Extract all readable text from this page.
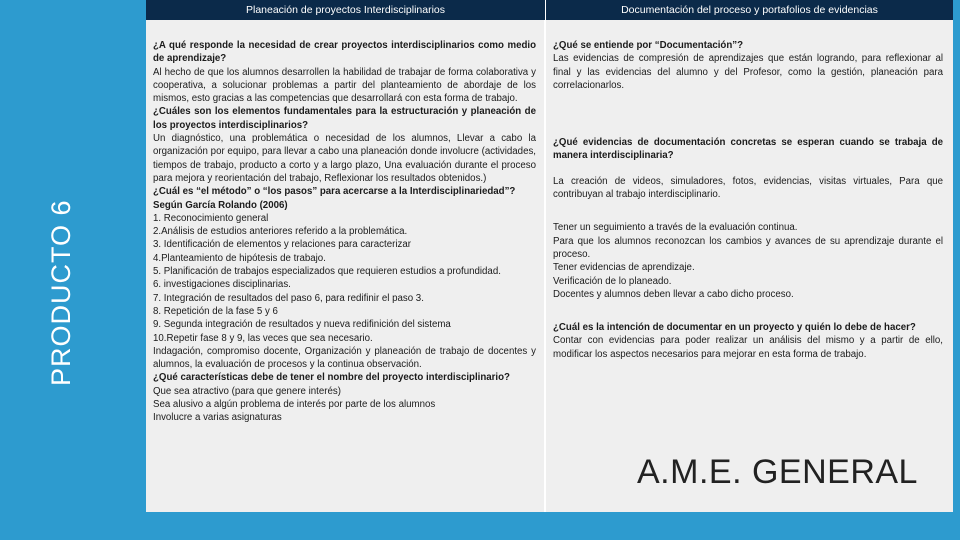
PRODUCTO 6
Planeación de proyectos Interdisciplinarios	Documentación del proceso y portafolios de evidencias

¿A qué responde la necesidad de crear proyectos interdisciplinarios como medio de aprendizaje?

Al hecho de que los alumnos desarrollen la habilidad de trabajar de forma colaborativa y cooperativa, a solucionar problemas a partir del planteamiento de abordaje de los mismos, esto gracias a las competencias que desarrollará con esta forma de trabajo.

¿Cuáles son los elementos fundamentales para la estructuración y planeación de los proyectos interdisciplinarios?

Un diagnóstico, una problemática o necesidad de los alumnos, Llevar a cabo la organización por equipo, para llevar a cabo una planeación donde involucre (actividades, tiempos de trabajo, producto a corto y a largo plazo, Una evaluación durante el proceso para mejora y reorientación del trabajo, Reflexionar los resultados obtenidos.)

¿Cuál es “el método” o “los pasos” para acercarse a la Interdisciplinariedad”?

Según García Rolando (2006)

1. Reconocimiento general

2.Análisis de estudios anteriores referido a la problemática.

3. Identificación de elementos y relaciones para caracterizar

4.Planteamiento de hipótesis de trabajo.

5. Planificación de trabajos especializados que requieren estudios a profundidad.

6. investigaciones disciplinarias.

7. Integración de resultados del paso 6, para redifinir el paso 3.

8. Repetición de la fase 5 y 6

9. Segunda integración de resultados y nueva redifinición del sistema

10.Repetir fase 8 y 9, las veces que sea necesario.

Indagación, compromiso docente, Organización y planeación de trabajo de docentes y alumnos, la evaluación de procesos y la continua observación.

¿Qué características debe de tener el nombre del proyecto interdisciplinario?

Que sea atractivo (para que genere interés)

Sea alusivo a algún problema de interés por parte de los alumnos

Involucre a varias asignaturas

¿Qué se entiende por “Documentación”?

Las evidencias de compresión de aprendizajes que están logrando, para reflexionar al final y las evidencias del alumno y del Profesor, como la gestión, planeación para correlacionarlos.

¿Qué evidencias de documentación concretas se esperan cuando se trabaja de manera interdisciplinaria?

La creación de videos, simuladores, fotos, evidencias, visitas virtuales, Para que contribuyan al trabajo interdisciplinario.

Tener un seguimiento a través de la evaluación continua.

Para que los alumnos reconozcan los cambios y avances de su aprendizaje durante el proceso.

Tener evidencias de aprendizaje.

Verificación de lo planeado.

Docentes y alumnos deben llevar a cabo dicho proceso.

¿Cuál es la intención de documentar en un proyecto y quién lo debe de hacer?

Contar con evidencias para poder realizar un análisis del mismo y a partir de ello, modificar los aspectos necesarios para mejorar en esta forma de trabajo.

A.M.E. GENERAL
